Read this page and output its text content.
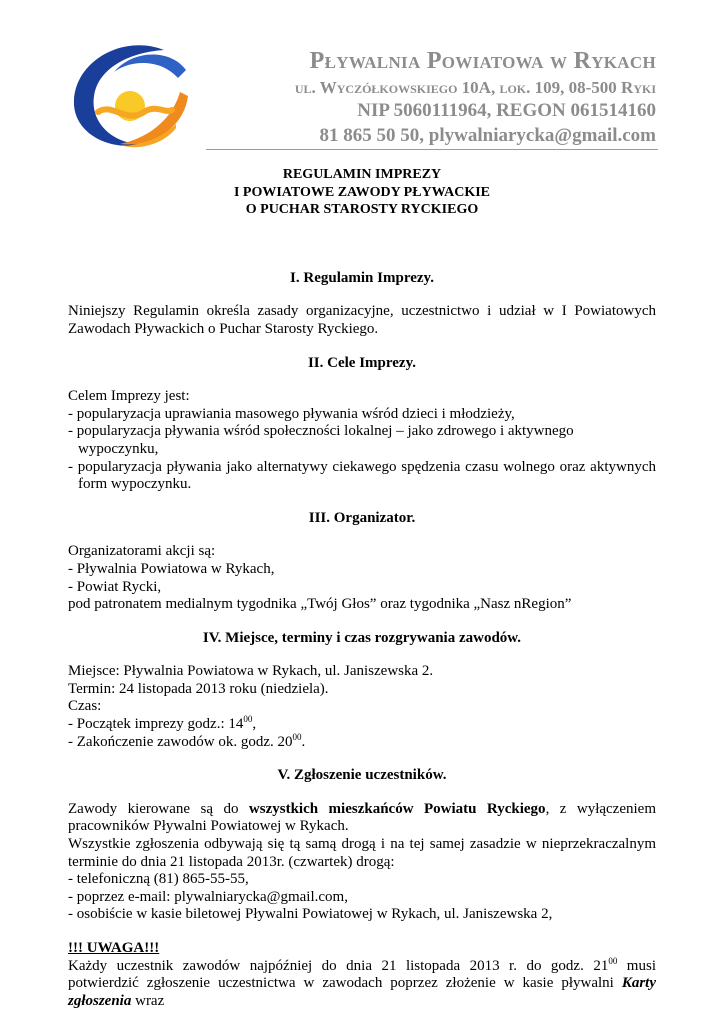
Pływalnia Powiatowa w Rykach
ul. Wyczółkowskiego 10A, lok. 109, 08-500 Ryki
NIP 5060111964, REGON 061514160
81 865 50 50, plywalniarycka@gmail.com
REGULAMIN IMPREZY
I POWIATOWE ZAWODY PŁYWACKIE
O PUCHAR STAROSTY RYCKIEGO
I. Regulamin Imprezy.

Niniejszy Regulamin określa zasady organizacyjne, uczestnictwo i udział w I Powiatowych Zawodach Pływackich o Puchar Starosty Ryckiego.

II. Cele Imprezy.

Celem Imprezy jest:

- popularyzacja uprawiania masowego pływania wśród dzieci i młodzieży,

- popularyzacja pływania wśród społeczności lokalnej – jako zdrowego i aktywnego wypoczynku,

- popularyzacja pływania jako alternatywy ciekawego spędzenia czasu wolnego oraz aktywnych form wypoczynku.

III. Organizator.

Organizatorami akcji są:

- Pływalnia Powiatowa w Rykach,

- Powiat Rycki,

pod patronatem medialnym tygodnika „Twój Głos” oraz tygodnika „Nasz nRegion”

IV. Miejsce, terminy i czas rozgrywania zawodów.

Miejsce: Pływalnia Powiatowa w Rykach, ul. Janiszewska 2.

Termin: 24 listopada 2013 roku (niedziela).

Czas:

- Początek imprezy godz.: $14^{00}$,

- Zakończenie zawodów ok. godz. $20^{00}$.

V. Zgłoszenie uczestników.

Zawody kierowane są do wszystkich mieszkańców Powiatu Ryckiego, z wyłączeniem pracowników Pływalni Powiatowej w Rykach.

Wszystkie zgłoszenia odbywają się tą samą drogą i na tej samej zasadzie w nieprzekraczalnym terminie do dnia 21 listopada 2013r. (czwartek) drogą:

- telefoniczną (81) 865-55-55,

- poprzez e-mail: plywalniarycka@gmail.com,

- osobiście w kasie biletowej Pływalni Powiatowej w Rykach, ul. Janiszewska 2,

!!! UWAGA!!!

Każdy uczestnik zawodów najpóźniej do dnia 21 listopada 2013 r. do godz. $21^{00}$ musi potwierdzić zgłoszenie uczestnictwa w zawodach poprzez złożenie w kasie pływalni Karty zgłoszenia wraz
